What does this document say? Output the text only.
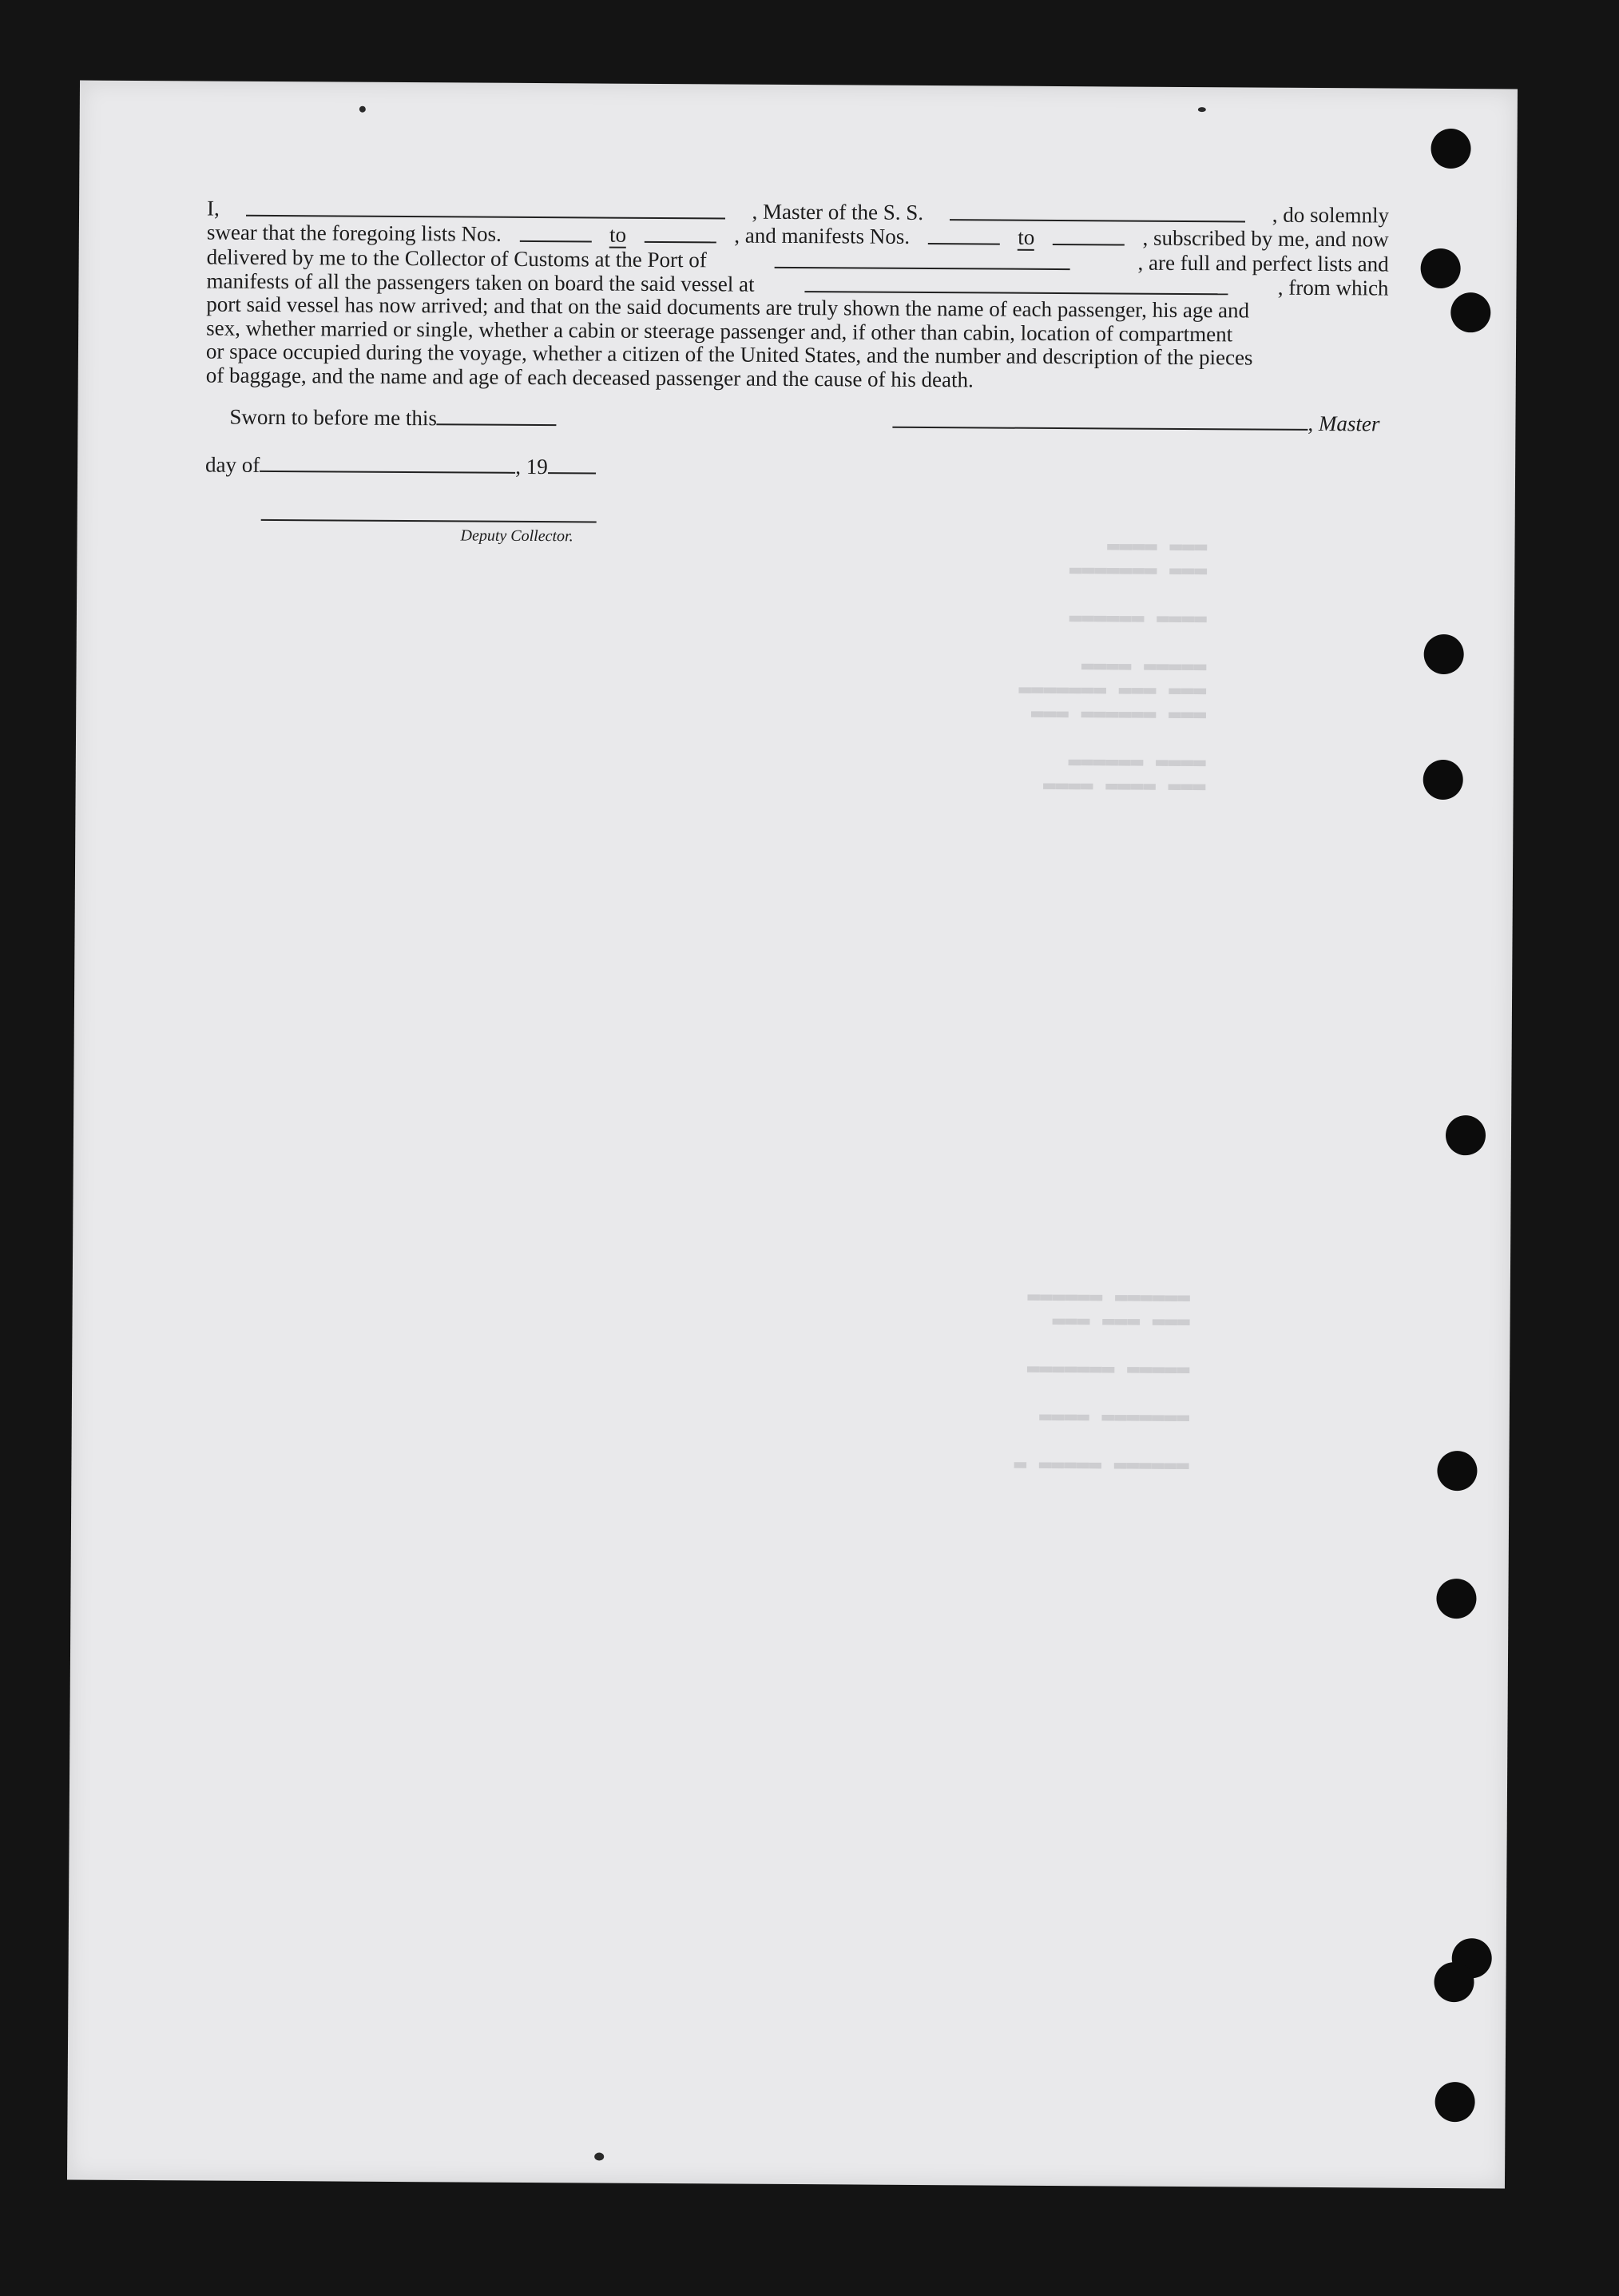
I,	, Master of the S. S.	, do solemnly
swear that the foregoing lists Nos.	to	, and manifests Nos.	to	, subscribed by me, and now
delivered by me to the Collector of Customs at the Port of	, are full and perfect lists and
manifests of all the passengers taken on board the said vessel at	, from which
port said vessel has now arrived; and that on the said documents are truly shown the name of each passenger, his age and
sex, whether married or single, whether a cabin or steerage passenger and, if other than cabin, location of compartment
or space occupied during the voyage, whether a citizen of the United States, and the number and description of the pieces
of baggage, and the name and age of each deceased passenger and the cause of his death.
Sworn to before me this	, Master
day of	, 19
Deputy Collector.	▬▬▬ ▬▬▬▬
▬▬▬ ▬▬▬▬▬▬▬

▬▬▬▬ ▬▬▬▬▬▬

▬▬▬▬▬ ▬▬▬▬
▬▬▬ ▬▬▬ ▬▬▬▬▬▬▬
▬▬▬ ▬▬▬▬▬▬ ▬▬▬

▬▬▬▬ ▬▬▬▬▬▬
▬▬▬ ▬▬▬▬ ▬▬▬▬
▬▬▬▬▬▬ ▬▬▬▬▬▬
▬▬▬ ▬▬▬ ▬▬▬

▬▬▬▬▬ ▬▬▬▬▬▬▬

▬▬▬▬▬▬▬ ▬▬▬▬

▬▬▬▬▬▬ ▬▬▬▬▬ ▬
